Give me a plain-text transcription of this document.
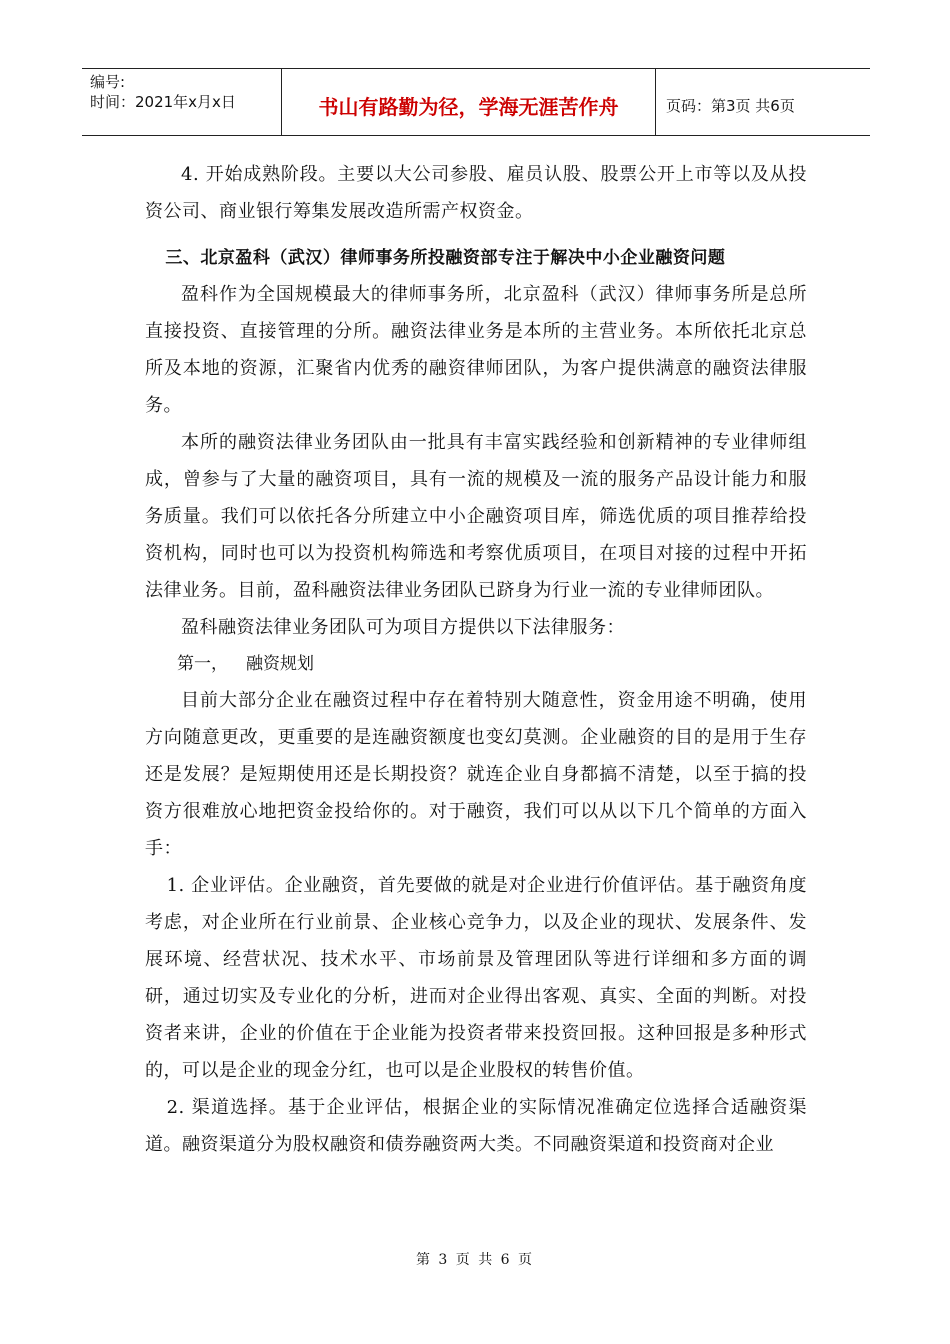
编号:
时间：2021年x月x日	书山有路勤为径，学海无涯苦作舟	页码：第3页 共6页

4. 开始成熟阶段。主要以大公司参股、雇员认股、股票公开上市等以及从投资公司、商业银行筹集发展改造所需产权资金。

三、北京盈科（武汉）律师事务所投融资部专注于解决中小企业融资问题

盈科作为全国规模最大的律师事务所，北京盈科（武汉）律师事务所是总所直接投资、直接管理的分所。融资法律业务是本所的主营业务。本所依托北京总所及本地的资源，汇聚省内优秀的融资律师团队，为客户提供满意的融资法律服务。

本所的融资法律业务团队由一批具有丰富实践经验和创新精神的专业律师组成，曾参与了大量的融资项目，具有一流的规模及一流的服务产品设计能力和服务质量。我们可以依托各分所建立中小企融资项目库，筛选优质的项目推荐给投资机构，同时也可以为投资机构筛选和考察优质项目，在项目对接的过程中开拓法律业务。目前，盈科融资法律业务团队已跻身为行业一流的专业律师团队。

盈科融资法律业务团队可为项目方提供以下法律服务：

第一， 融资规划

目前大部分企业在融资过程中存在着特别大随意性，资金用途不明确，使用方向随意更改，更重要的是连融资额度也变幻莫测。企业融资的目的是用于生存还是发展？是短期使用还是长期投资？就连企业自身都搞不清楚，以至于搞的投资方很难放心地把资金投给你的。对于融资，我们可以从以下几个简单的方面入手：

1. 企业评估。企业融资，首先要做的就是对企业进行价值评估。基于融资角度考虑，对企业所在行业前景、企业核心竞争力，以及企业的现状、发展条件、发展环境、经营状况、技术水平、市场前景及管理团队等进行详细和多方面的调研，通过切实及专业化的分析，进而对企业得出客观、真实、全面的判断。对投资者来讲，企业的价值在于企业能为投资者带来投资回报。这种回报是多种形式的，可以是企业的现金分红，也可以是企业股权的转售价值。

2. 渠道选择。基于企业评估，根据企业的实际情况准确定位选择合适融资渠道。融资渠道分为股权融资和债券融资两大类。不同融资渠道和投资商对企业

第 3 页 共 6 页
